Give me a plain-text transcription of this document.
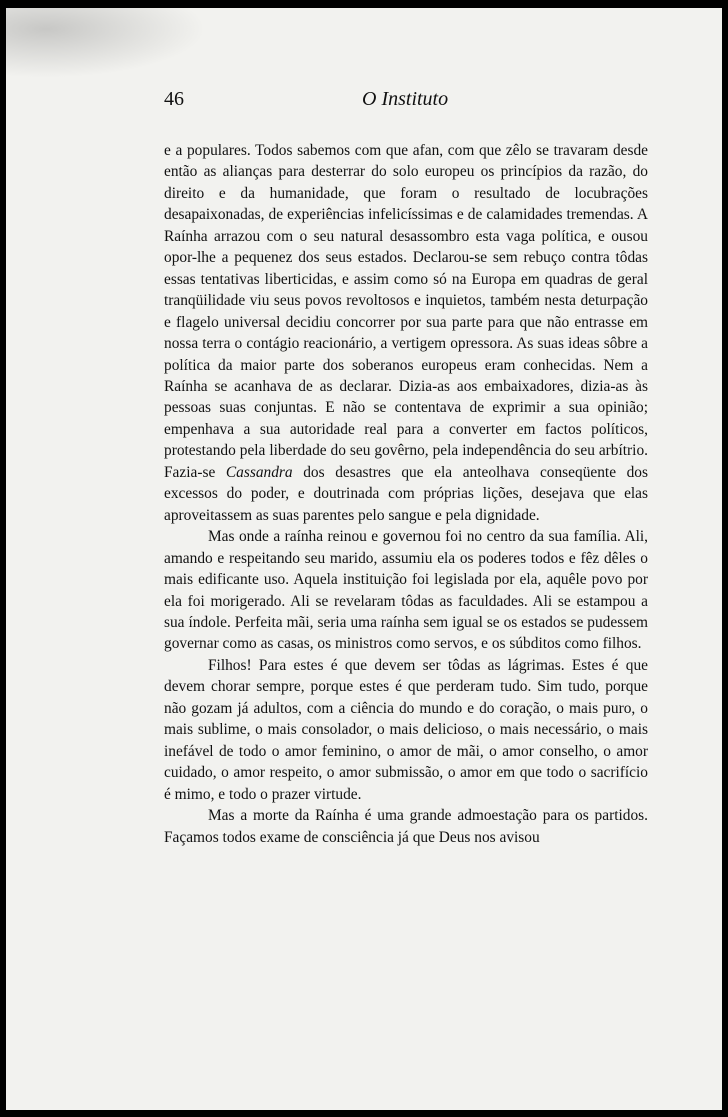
46	O Instituto

e a populares. Todos sabemos com que afan, com que zêlo se travaram desde então as alianças para desterrar do solo europeu os princípios da razão, do direito e da humanidade, que foram o resultado de locubrações desapaixonadas, de experiências infelicíssimas e de calamidades tremendas. A Raínha arrazou com o seu natural desassombro esta vaga política, e ousou opor-lhe a pequenez dos seus estados. Declarou-se sem rebuço contra tôdas essas tentativas liberticidas, e assim como só na Europa em quadras de geral tranqüilidade viu seus povos revoltosos e inquietos, também nesta deturpação e flagelo universal decidiu concorrer por sua parte para que não entrasse em nossa terra o contágio reacionário, a vertigem opressora. As suas ideas sôbre a política da maior parte dos soberanos europeus eram conhecidas. Nem a Raínha se acanhava de as declarar. Dizia-as aos embaixadores, dizia-as às pessoas suas conjuntas. E não se contentava de exprimir a sua opinião; empenhava a sua autoridade real para a converter em factos políticos, protestando pela liberdade do seu govêrno, pela independência do seu arbítrio. Fazia-se Cassandra dos desastres que ela anteolhava conseqüente dos excessos do poder, e doutrinada com próprias lições, desejava que elas aproveitassem as suas parentes pelo sangue e pela dignidade.

Mas onde a raínha reinou e governou foi no centro da sua família. Ali, amando e respeitando seu marido, assumiu ela os poderes todos e fêz dêles o mais edificante uso. Aquela instituição foi legislada por ela, aquêle povo por ela foi morigerado. Ali se revelaram tôdas as faculdades. Ali se estampou a sua índole. Perfeita mãi, seria uma raínha sem igual se os estados se pudessem governar como as casas, os ministros como servos, e os súbditos como filhos.

Filhos! Para estes é que devem ser tôdas as lágrimas. Estes é que devem chorar sempre, porque estes é que perderam tudo. Sim tudo, porque não gozam já adultos, com a ciência do mundo e do coração, o mais puro, o mais sublime, o mais consolador, o mais delicioso, o mais necessário, o mais inefável de todo o amor feminino, o amor de mãi, o amor conselho, o amor cuidado, o amor respeito, o amor submissão, o amor em que todo o sacrifício é mimo, e todo o prazer virtude.

Mas a morte da Raínha é uma grande admoestação para os partidos. Façamos todos exame de consciência já que Deus nos avisou
